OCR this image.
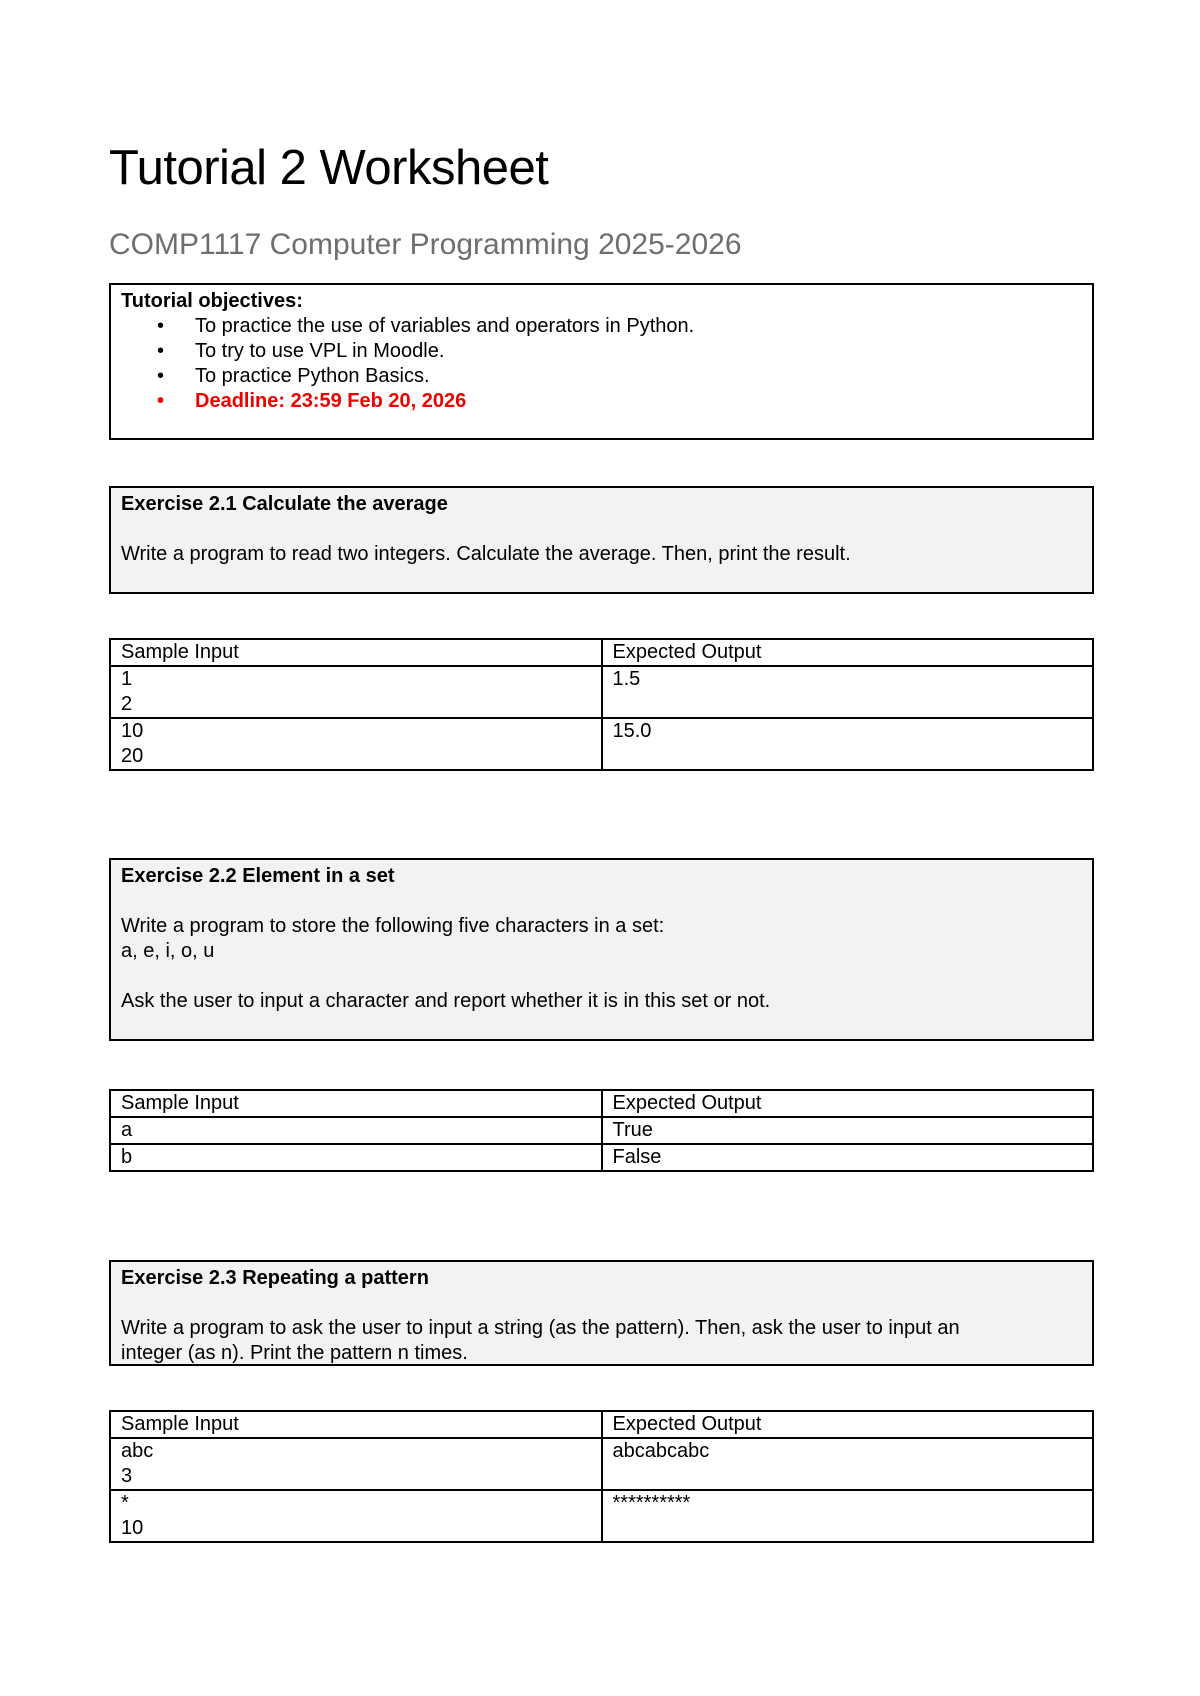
Tutorial 2 Worksheet
COMP1117 Computer Programming 2025-2026
Tutorial objectives:
• To practice the use of variables and operators in Python.
• To try to use VPL in Moodle.
• To practice Python Basics.
• Deadline: 23:59 Feb 20, 2026
Exercise 2.1 Calculate the average
Write a program to read two integers. Calculate the average. Then, print the result.
Sample Input	Expected Output

1
2	1.5

10
20	15.0
Exercise 2.2 Element in a set
Write a program to store the following five characters in a set:
a, e, i, o, u
Ask the user to input a character and report whether it is in this set or not.
Sample Input	Expected Output

a	True

b	False
Exercise 2.3 Repeating a pattern
Write a program to ask the user to input a string (as the pattern). Then, ask the user to input an
integer (as n). Print the pattern n times.
Sample Input	Expected Output

abc
3	abcabcabc

*
10	**********
